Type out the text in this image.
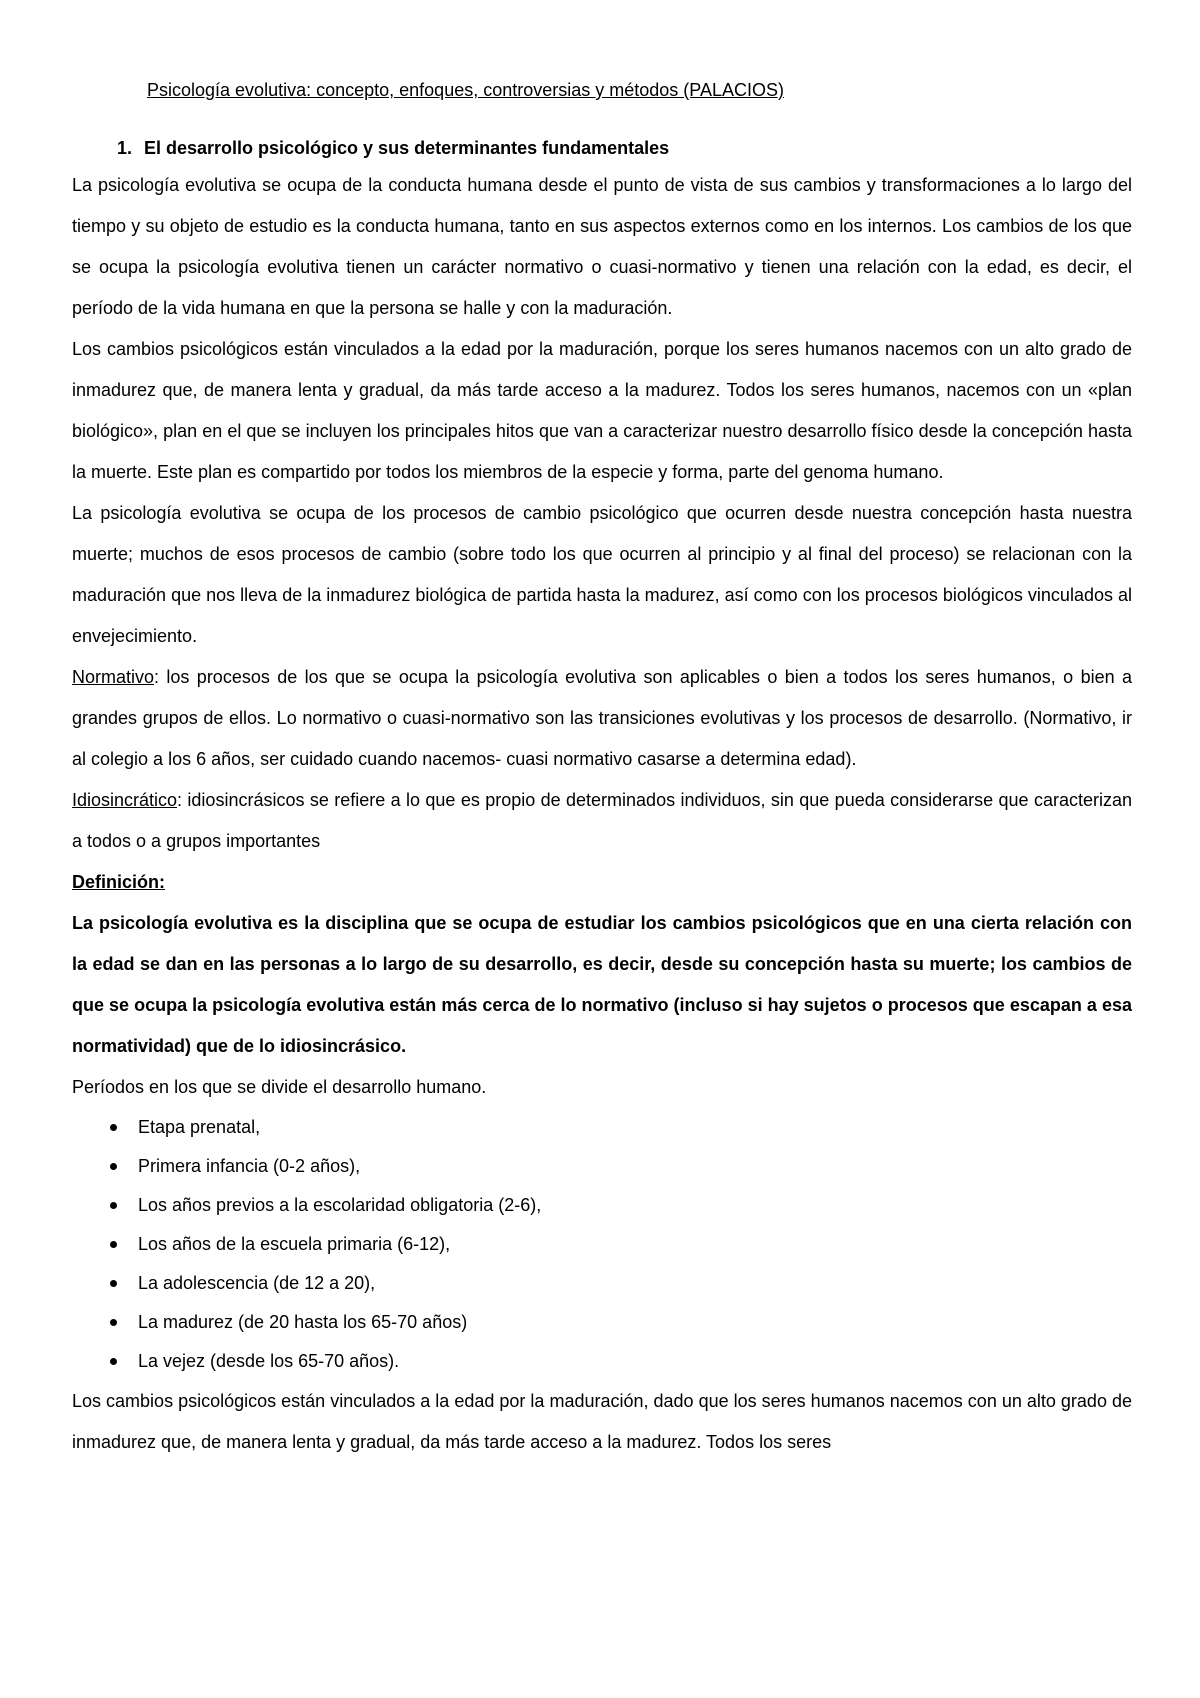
Psicología evolutiva: concepto, enfoques, controversias y métodos (PALACIOS)
1. El desarrollo psicológico y sus determinantes fundamentales

La psicología evolutiva se ocupa de la conducta humana desde el punto de vista de sus cambios y transformaciones a lo largo del tiempo y su objeto de estudio es la conducta humana, tanto en sus aspectos externos como en los internos. Los cambios de los que se ocupa la psicología evolutiva tienen un carácter normativo o cuasi-normativo y tienen una relación con la edad, es decir, el período de la vida humana en que la persona se halle y con la maduración.

Los cambios psicológicos están vinculados a la edad por la maduración, porque los seres humanos nacemos con un alto grado de inmadurez que, de manera lenta y gradual, da más tarde acceso a la madurez. Todos los seres humanos, nacemos con un «plan biológico», plan en el que se incluyen los principales hitos que van a caracterizar nuestro desarrollo físico desde la concepción hasta la muerte. Este plan es compartido por todos los miembros de la especie y forma, parte del genoma humano.

La psicología evolutiva se ocupa de los procesos de cambio psicológico que ocurren desde nuestra concepción hasta nuestra muerte; muchos de esos procesos de cambio (sobre todo los que ocurren al principio y al final del proceso) se relacionan con la maduración que nos lleva de la inmadurez biológica de partida hasta la madurez, así como con los procesos biológicos vinculados al envejecimiento.

Normativo: los procesos de los que se ocupa la psicología evolutiva son aplicables o bien a todos los seres humanos, o bien a grandes grupos de ellos. Lo normativo o cuasi-normativo son las transiciones evolutivas y los procesos de desarrollo. (Normativo, ir al colegio a los 6 años, ser cuidado cuando nacemos- cuasi normativo casarse a determina edad).

Idiosincrático: idiosincrásicos se refiere a lo que es propio de determinados individuos, sin que pueda considerarse que caracterizan a todos o a grupos importantes

Definición:

La psicología evolutiva es la disciplina que se ocupa de estudiar los cambios psicológicos que en una cierta relación con la edad se dan en las personas a lo largo de su desarrollo, es decir, desde su concepción hasta su muerte; los cambios de que se ocupa la psicología evolutiva están más cerca de lo normativo (incluso si hay sujetos o procesos que escapan a esa normatividad) que de lo idiosincrásico.

Períodos en los que se divide el desarrollo humano.

Etapa prenatal,
Primera infancia (0-2 años),
Los años previos a la escolaridad obligatoria (2-6),
Los años de la escuela primaria (6-12),
La adolescencia (de 12 a 20),
La madurez (de 20 hasta los 65-70 años)
La vejez (desde los 65-70 años).

Los cambios psicológicos están vinculados a la edad por la maduración, dado que los seres humanos nacemos con un alto grado de inmadurez que, de manera lenta y gradual, da más tarde acceso a la madurez. Todos los seres
